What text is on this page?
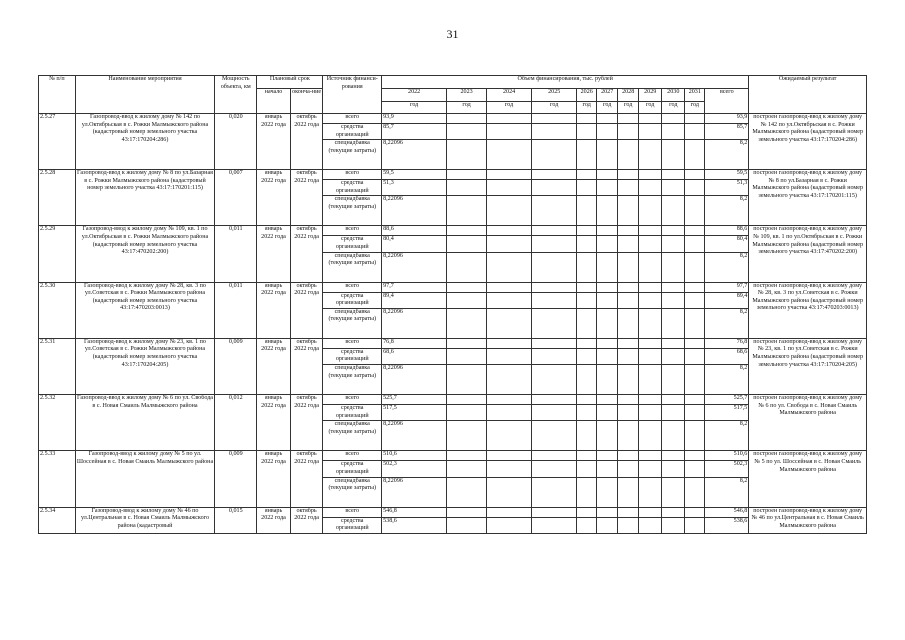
31
№ п/п	Наименование мероприятия	Мощность объекта, км	Плановый срок		Источник финанси-рования	Объем финансирования, тыс. рублей											Ожидаемый результат
			начало	оконча-ние		2022	2023	2024	2025	2026	2027	2028	2029	2030	2031	всего	
						год	год	год	год	год	год	год	год	год	год		
2.5.27	Газопровод-ввод к жилому дому № 142 по ул.Октябрьская в с. Рожки Малмыжского района (кадастровый номер земельного участка 43:17:170204:286)	0,020	январь 2022 года	октябрь 2022 года	всего	93,9										93,9	построен газопровод-ввод к жилому дому № 142 по ул.Октябрьская в с. Рожки Малмыжского района (кадастровый номер земельного участка 43:17:170204:286)
					средства организаций	85,7										85,7	
					спецнадбавка (текущие затраты)	8,22096										8,2	
2.5.28	Газопровод-ввод к жилому дому № 8 по ул.Базарная в с. Рожки Малмыжского района (кадастровый номер земельного участка 43:17:170201:115)	0,007	январь 2022 года	октябрь 2022 года	всего	59,5										59,5	построен газопровод-ввод к жилому дому № 8 по ул.Базарная в с. Рожки Малмыжского района (кадастровый номер земельного участка 43:17:170201:115)
					средства организаций	51,3										51,3	
					спецнадбавка (текущие затраты)	8,22096										8,2	
2.5.29	Газопровод-ввод к жилому дому № 109, кв. 1 по ул.Октябрьская в с. Рожки Малмыжского района (кадастровый номер земельного участка 43:17:470202:200)	0,011	январь 2022 года	октябрь 2022 года	всего	88,6										88,6	построен газопровод-ввод к жилому дому № 109, кв. 1 по ул.Октябрьская в с. Рожки Малмыжского района (кадастровый номер земельного участка 43:17:470202:200)
					средства организаций	80,4										80,4	
					спецнадбавка (текущие затраты)	8,22096										8,2	
2.5.30	Газопровод-ввод к жилому дому № 28, кв. 3 по ул.Советская в с. Рожки Малмыжского района (кадастровый номер земельного участка 43:17:470203:0013)	0,011	январь 2022 года	октябрь 2022 года	всего	97,7										97,7	построен газопровод-ввод к жилому дому № 28, кв. 3 по ул.Советская в с. Рожки Малмыжского района (кадастровый номер земельного участка 43:17:470203:0013)
					средства организаций	89,4										89,4	
					спецнадбавка (текущие затраты)	8,22096										8,2	
2.5.31	Газопровод-ввод к жилому дому № 23, кв. 1 по ул.Советская в с. Рожки Малмыжского района (кадастровый номер земельного участка 43:17:170204:205)	0,009	январь 2022 года	октябрь 2022 года	всего	76,8										76,8	построен газопровод-ввод к жилому дому № 23, кв. 1 по ул.Советская в с. Рожки Малмыжского района (кадастровый номер земельного участка 43:17:170204:205)
					средства организаций	68,6										68,6	
					спецнадбавка (текущие затраты)	8,22096										8,2	
2.5.32	Газопровод-ввод к жилому дому № 6 по ул. Свобода в с. Новая Смаиль Малмыжского района	0,012	январь 2022 года	октябрь 2022 года	всего	525,7										525,7	построен газопровод-ввод к жилому дому № 6 по ул. Свобода в с. Новая Смаиль Малмыжского района
					средства организаций	517,5										517,5	
					спецнадбавка (текущие затраты)	8,22096										8,2	
2.5.33	Газопровод-ввод к жилому дому № 5 по ул. Шоссейная в с. Новая Смаиль Малмыжского района	0,009	январь 2022 года	октябрь 2022 года	всего	510,6										510,6	построен газопровод-ввод к жилому дому № 5 по ул. Шоссейная в с. Новая Смаиль Малмыжского района
					средства организаций	502,3										502,3	
					спецнадбавка (текущие затраты)	8,22096										8,2	
2.5.34	Газопровод-ввод к жилому дому № 46 по ул.Центральная в с. Новая Смаиль Малмыжского района (кадастровый	0,015	январь 2022 года	октябрь 2022 года	всего	546,8										546,8	построен газопровод-ввод к жилому дому № 46 по ул.Центральная в с. Новая Смаиль Малмыжского района
					средства организаций	538,6										538,6	
